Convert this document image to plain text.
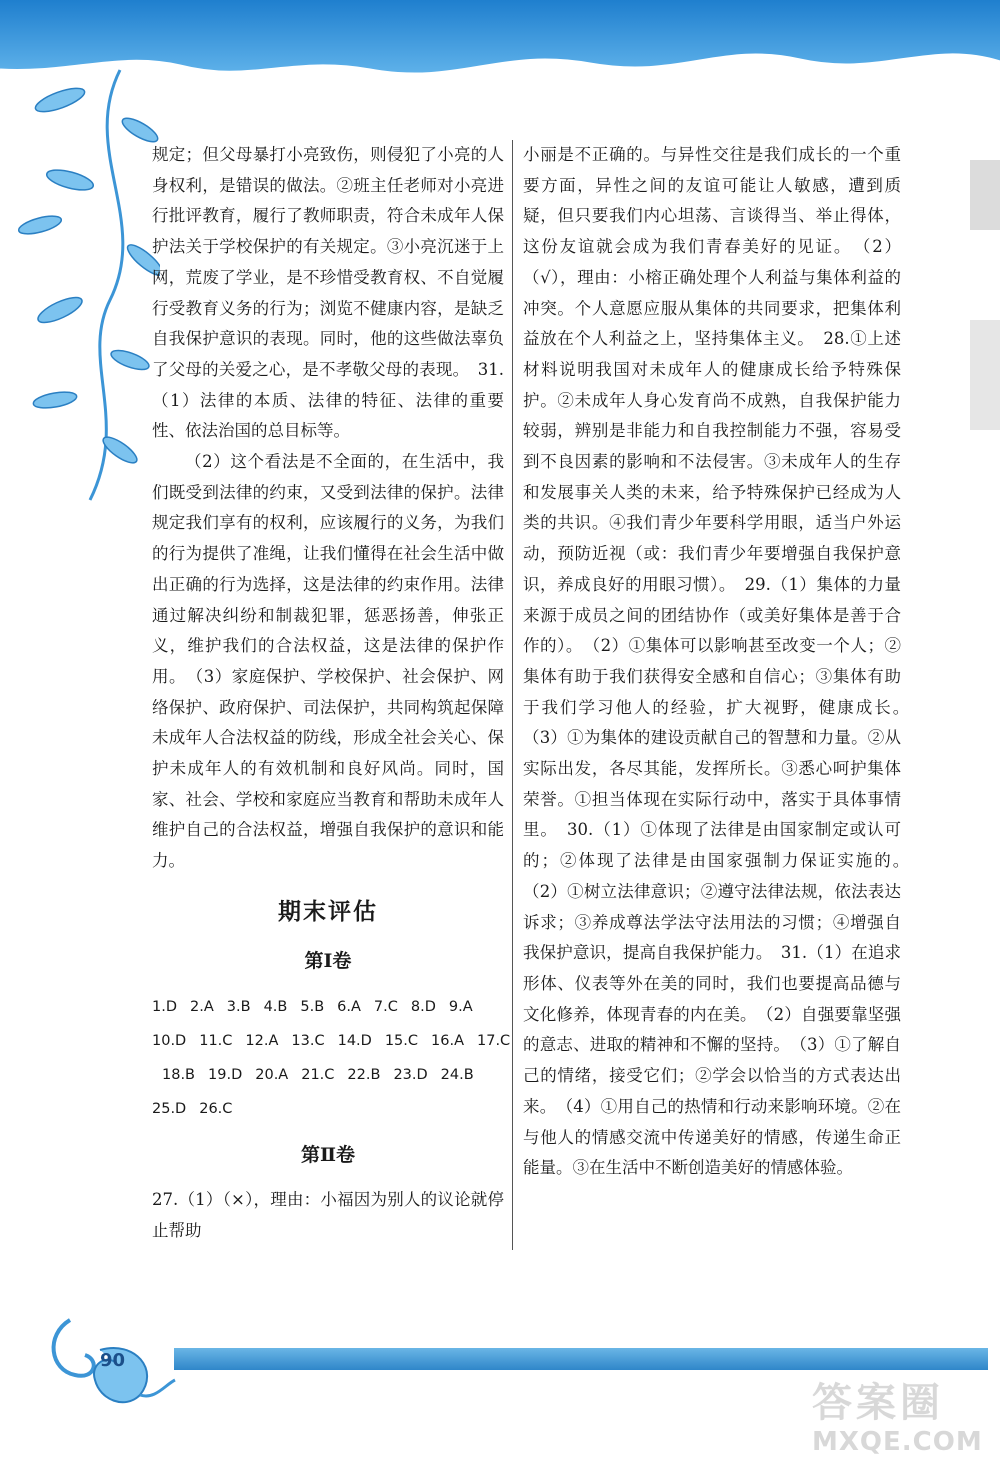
规定；但父母暴打小亮致伤，则侵犯了小亮的人身权利，是错误的做法。②班主任老师对小亮进行批评教育，履行了教师职责，符合未成年人保护法关于学校保护的有关规定。③小亮沉迷于上网，荒废了学业，是不珍惜受教育权、不自觉履行受教育义务的行为；浏览不健康内容，是缺乏自我保护意识的表现。同时，他的这些做法辜负了父母的关爱之心，是不孝敬父母的表现。　31.（1）法律的本质、法律的特征、法律的重要性、依法治国的总目标等。

（2）这个看法是不全面的，在生活中，我们既受到法律的约束，又受到法律的保护。法律规定我们享有的权利，应该履行的义务，为我们的行为提供了准绳，让我们懂得在社会生活中做出正确的行为选择，这是法律的约束作用。法律通过解决纠纷和制裁犯罪，惩恶扬善，伸张正义，维护我们的合法权益，这是法律的保护作用。　（3）家庭保护、学校保护、社会保护、网络保护、政府保护、司法保护，共同构筑起保障未成年人合法权益的防线，形成全社会关心、保护未成年人的有效机制和良好风尚。同时，国家、社会、学校和家庭应当教育和帮助未成年人维护自己的合法权益，增强自我保护的意识和能力。

期末评估
第Ⅰ卷
1.D 2.A 3.B 4.B 5.B 6.A 7.C 8.D 9.A
10.D 11.C 12.A 13.C 14.D 15.C 16.A 17.C
18.B 19.D 20.A 21.C 22.B 23.D 24.B
25.D 26.C
第Ⅱ卷

27.（1）（×），理由：小福因为别人的议论就停止帮助

小丽是不正确的。与异性交往是我们成长的一个重要方面，异性之间的友谊可能让人敏感，遭到质疑，但只要我们内心坦荡、言谈得当、举止得体，这份友谊就会成为我们青春美好的见证。　（2）（√），理由：小榕正确处理个人利益与集体利益的冲突。个人意愿应服从集体的共同要求，把集体利益放在个人利益之上，坚持集体主义。　28.①上述材料说明我国对未成年人的健康成长给予特殊保护。②未成年人身心发育尚不成熟，自我保护能力较弱，辨别是非能力和自我控制能力不强，容易受到不良因素的影响和不法侵害。③未成年人的生存和发展事关人类的未来，给予特殊保护已经成为人类的共识。④我们青少年要科学用眼，适当户外运动，预防近视（或：我们青少年要增强自我保护意识，养成良好的用眼习惯）。　29.（1）集体的力量来源于成员之间的团结协作（或美好集体是善于合作的）。　（2）①集体可以影响甚至改变一个人；②集体有助于我们获得安全感和自信心；③集体有助于我们学习他人的经验，扩大视野，健康成长。　（3）①为集体的建设贡献自己的智慧和力量。②从实际出发，各尽其能，发挥所长。③悉心呵护集体荣誉。①担当体现在实际行动中，落实于具体事情里。　30.（1）①体现了法律是由国家制定或认可的；②体现了法律是由国家强制力保证实施的。　（2）①树立法律意识；②遵守法律法规，依法表达诉求；③养成尊法学法守法用法的习惯；④增强自我保护意识，提高自我保护能力。　31.（1）在追求形体、仪表等外在美的同时，我们也要提高品德与文化修养，体现青春的内在美。　（2）自强要靠坚强的意志、进取的精神和不懈的坚持。　（3）①了解自己的情绪，接受它们；②学会以恰当的方式表达出来。　（4）①用自己的热情和行动来影响环境。②在与他人的情感交流中传递美好的情感，传递生命正能量。③在生活中不断创造美好的情感体验。

90
答案圈
MXQE.COM
